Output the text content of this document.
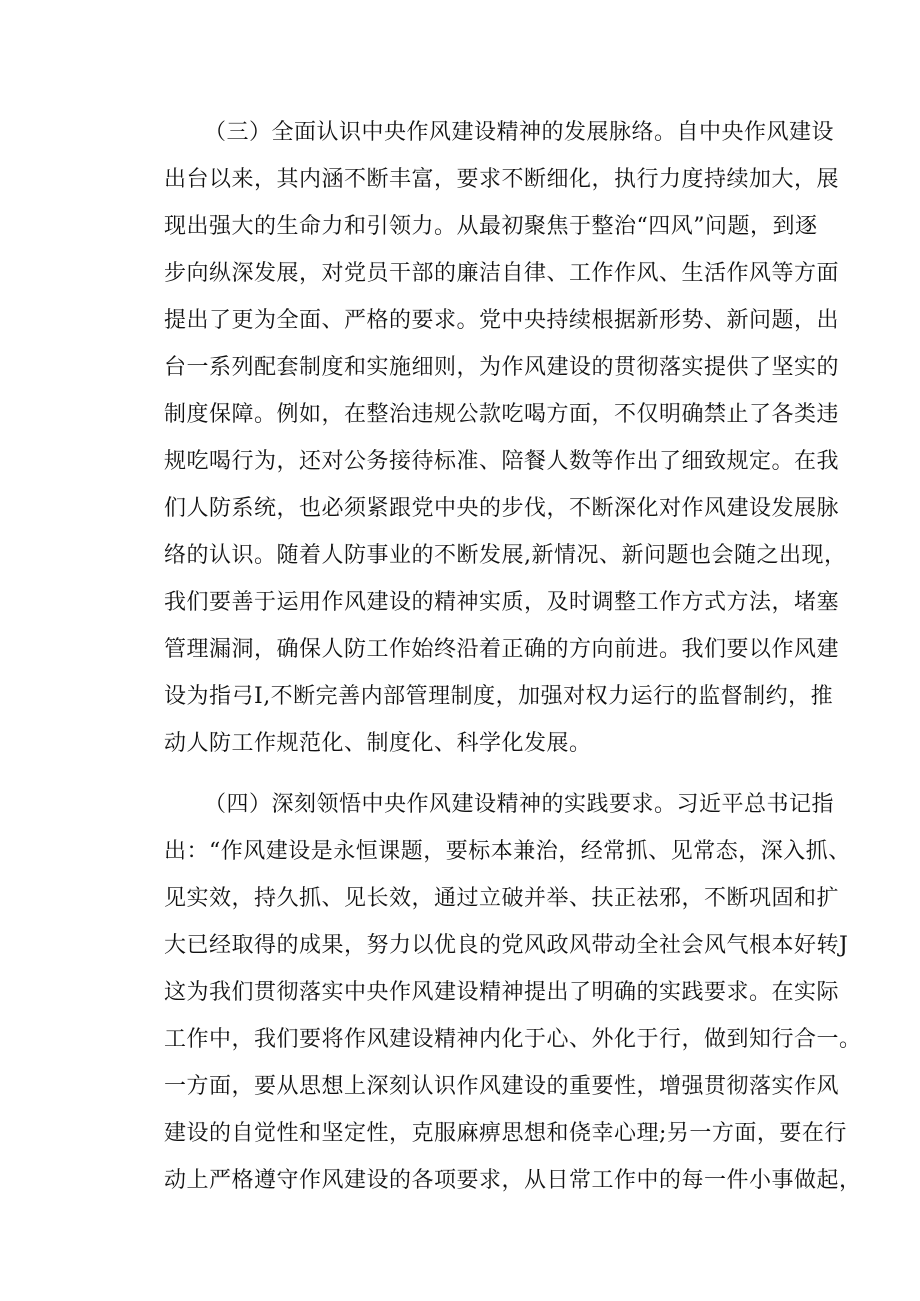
（三）全面认识中央作风建设精神的发展脉络。自中央作风建设
出台以来，其内涵不断丰富，要求不断细化，执行力度持续加大，展
现出强大的生命力和引领力。从最初聚焦于整治“四风”问题，到逐
步向纵深发展，对党员干部的廉洁自律、工作作风、生活作风等方面
提出了更为全面、严格的要求。党中央持续根据新形势、新问题，出
台一系列配套制度和实施细则，为作风建设的贯彻落实提供了坚实的
制度保障。例如，在整治违规公款吃喝方面，不仅明确禁止了各类违
规吃喝行为，还对公务接待标准、陪餐人数等作出了细致规定。在我
们人防系统，也必须紧跟党中央的步伐，不断深化对作风建设发展脉
络的认识。随着人防事业的不断发展,新情况、新问题也会随之出现，
我们要善于运用作风建设的精神实质，及时调整工作方式方法，堵塞
管理漏洞，确保人防工作始终沿着正确的方向前进。我们要以作风建
设为指弓I,不断完善内部管理制度，加强对权力运行的监督制约，推
动人防工作规范化、制度化、科学化发展。
（四）深刻领悟中央作风建设精神的实践要求。习近平总书记指
出：“作风建设是永恒课题，要标本兼治，经常抓、见常态，深入抓、
见实效，持久抓、见长效，通过立破并举、扶正祛邪，不断巩固和扩
大已经取得的成果，努力以优良的党风政风带动全社会风气根本好转J
这为我们贯彻落实中央作风建设精神提出了明确的实践要求。在实际
工作中，我们要将作风建设精神内化于心、外化于行，做到知行合一。
一方面，要从思想上深刻认识作风建设的重要性，增强贯彻落实作风
建设的自觉性和坚定性，克服麻痹思想和侥幸心理;另一方面，要在行
动上严格遵守作风建设的各项要求，从日常工作中的每一件小事做起，
